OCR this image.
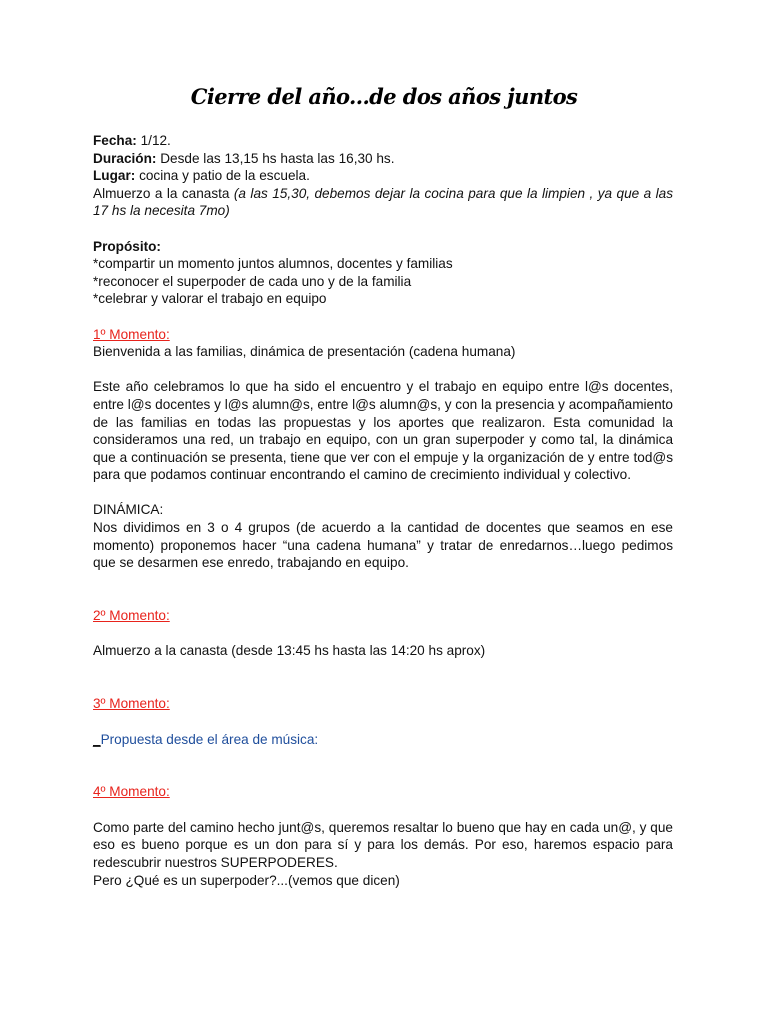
Cierre del año...de dos años juntos

Fecha: 1/12.

Duración: Desde las 13,15 hs hasta las 16,30 hs.

Lugar: cocina y patio de la escuela.

Almuerzo a la canasta (a las 15,30, debemos dejar la cocina para que la limpien , ya que a las 17 hs la necesita 7mo)

Propósito:

*compartir un momento juntos alumnos, docentes y familias

*reconocer el superpoder de cada uno y de la familia

*celebrar y valorar el trabajo en equipo

1º Momento:

Bienvenida a las familias, dinámica de presentación (cadena humana)

Este año celebramos lo que ha sido el encuentro y el trabajo en equipo entre l@s docentes, entre l@s docentes y l@s alumn@s, entre l@s alumn@s, y con la presencia y acompañamiento de las familias en todas las propuestas y los aportes que realizaron. Esta comunidad la consideramos una red, un trabajo en equipo, con un gran superpoder y como tal, la dinámica que a continuación se presenta, tiene que ver con el empuje y la organización de y entre tod@s para que podamos continuar encontrando el camino de crecimiento individual y colectivo.

DINÁMICA:

Nos dividimos en 3 o 4 grupos (de acuerdo a la cantidad de docentes que seamos en ese momento) proponemos hacer “una cadena humana” y tratar de enredarnos…luego pedimos que se desarmen ese enredo, trabajando en equipo.

2º Momento:

Almuerzo a la canasta (desde 13:45 hs hasta las 14:20 hs aprox)

3º Momento:

_Propuesta desde el área de música:

4º Momento:

Como parte del camino hecho junt@s, queremos resaltar lo bueno que hay en cada un@, y que eso es bueno porque es un don para sí y para los demás. Por eso, haremos espacio para redescubrir nuestros SUPERPODERES.

Pero ¿Qué es un superpoder?...(vemos que dicen)
